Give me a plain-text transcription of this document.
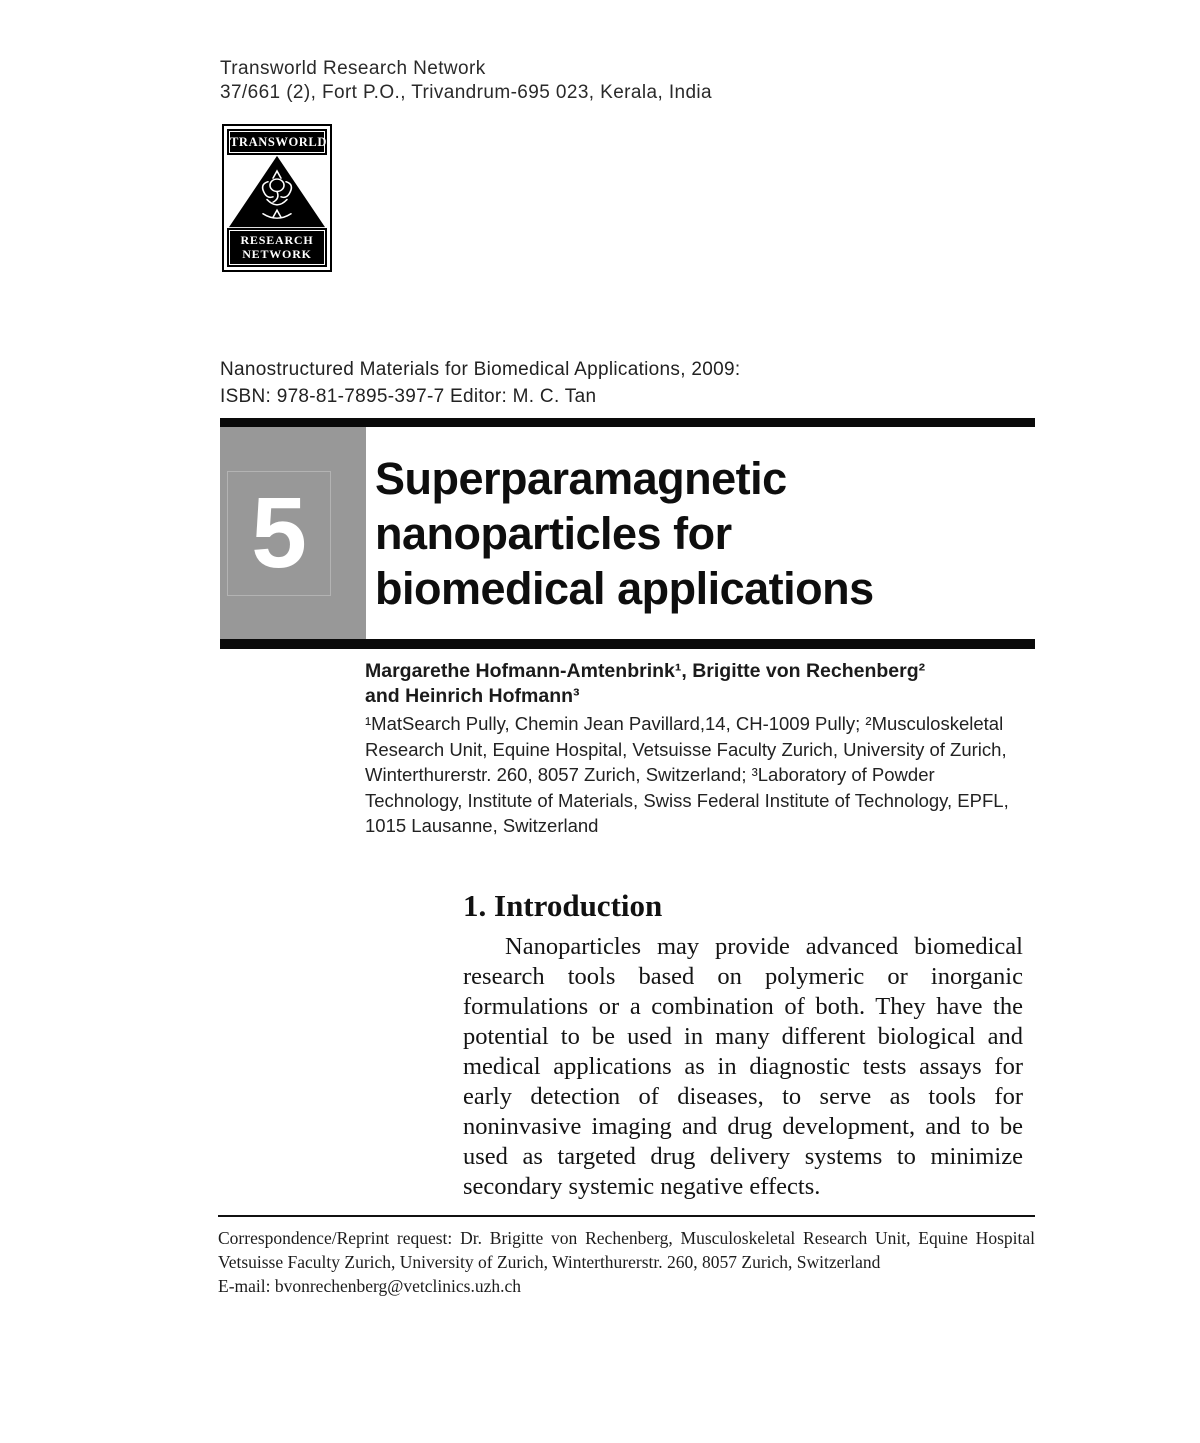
Transworld Research Network
37/661 (2), Fort P.O., Trivandrum-695 023, Kerala, India
TRANSWORLD
RESEARCH
NETWORK
Nanostructured Materials for Biomedical Applications, 2009:
ISBN: 978-81-7895-397-7 Editor: M. C. Tan
5	Superparamagnetic
nanoparticles for
biomedical applications
Margarethe Hofmann-Amtenbrink¹, Brigitte von Rechenberg²
and Heinrich Hofmann³
¹MatSearch Pully, Chemin Jean Pavillard,14, CH-1009 Pully; ²Musculoskeletal Research Unit, Equine Hospital, Vetsuisse Faculty Zurich, University of Zurich, Winterthurerstr. 260, 8057 Zurich, Switzerland; ³Laboratory of Powder Technology, Institute of Materials, Swiss Federal Institute of Technology, EPFL, 1015 Lausanne, Switzerland
1. Introduction
Nanoparticles may provide advanced biomedical research tools based on polymeric or inorganic formulations or a combination of both. They have the potential to be used in many different biological and medical applications as in diagnostic tests assays for early detection of diseases, to serve as tools for noninvasive imaging and drug development, and to be used as targeted drug delivery systems to minimize secondary systemic negative effects.
Correspondence/Reprint request: Dr. Brigitte von Rechenberg, Musculoskeletal Research Unit, Equine Hospital Vetsuisse Faculty Zurich, University of Zurich, Winterthurerstr. 260, 8057 Zurich, Switzerland
E-mail: bvonrechenberg@vetclinics.uzh.ch
